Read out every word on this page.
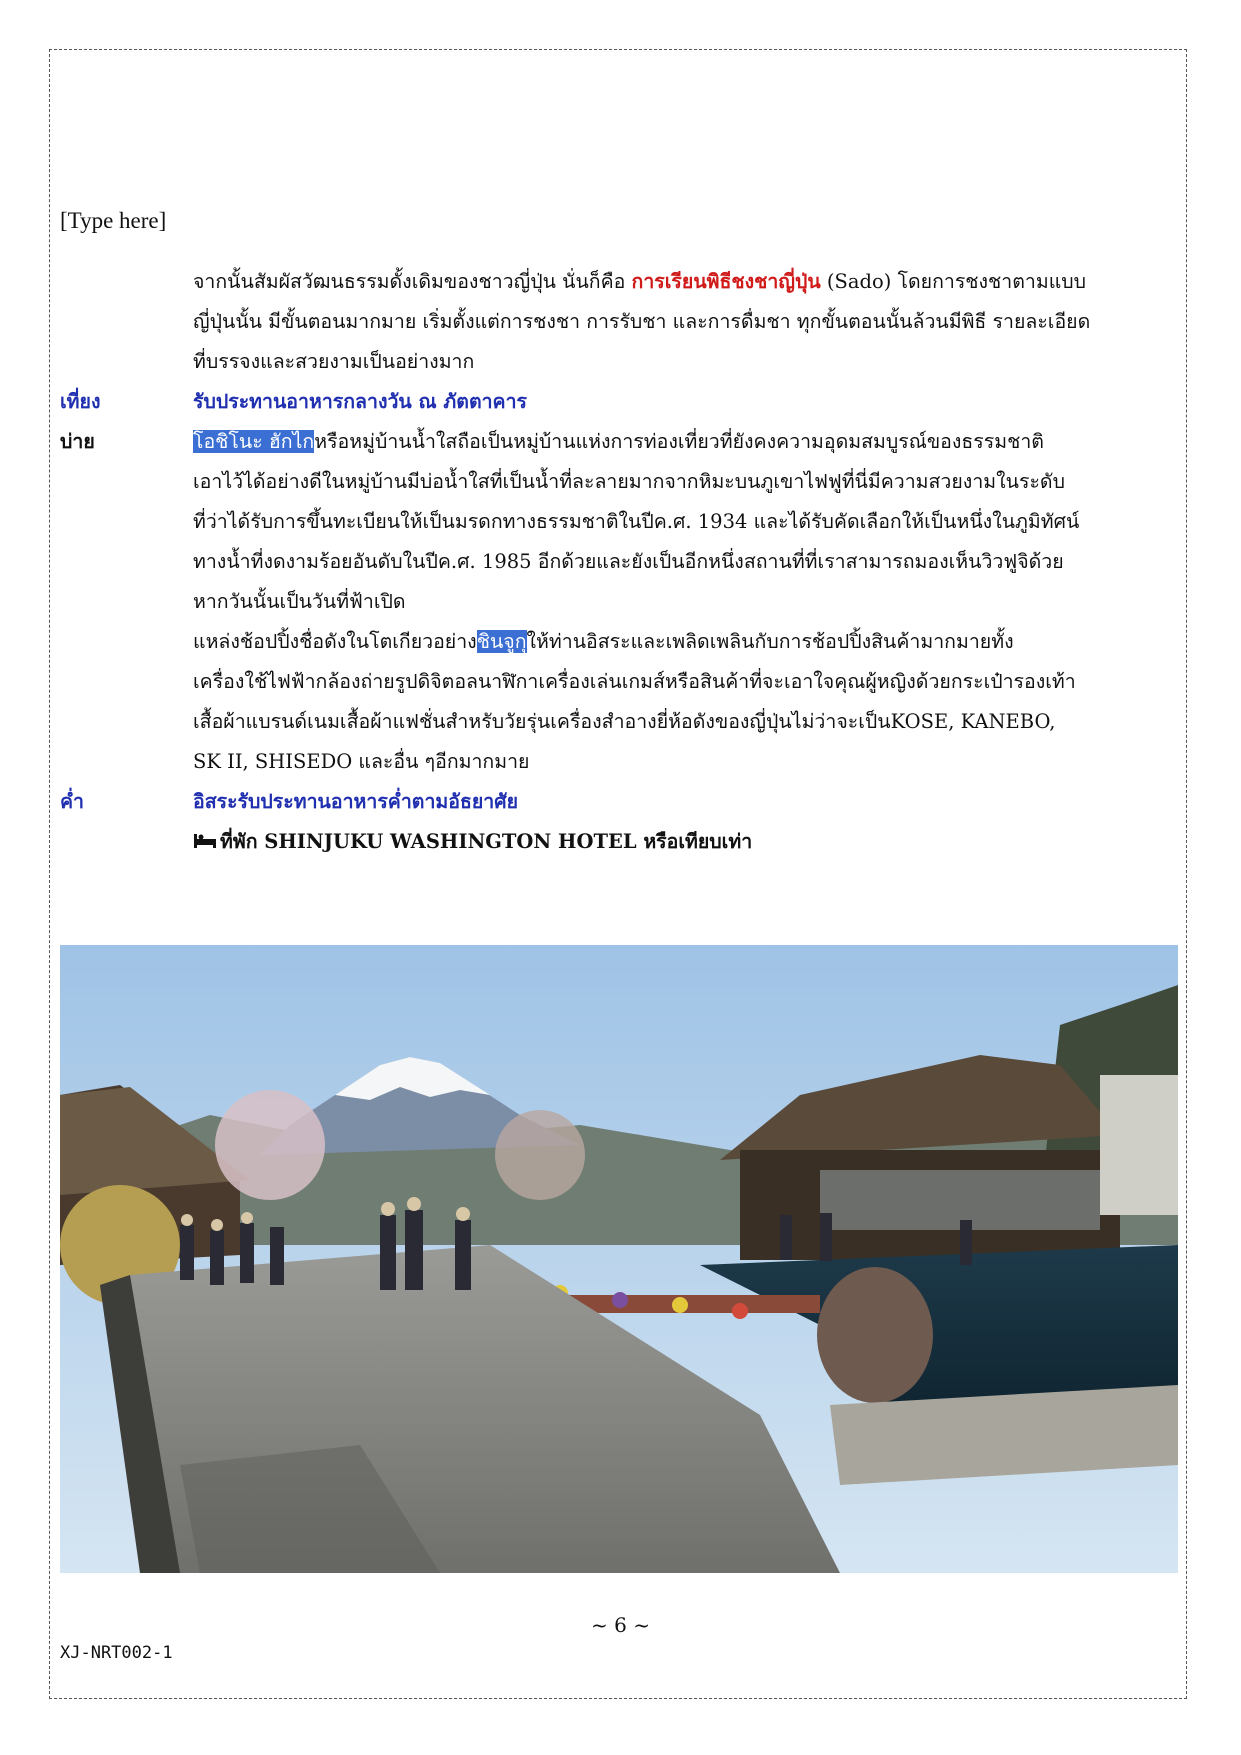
[Type here]
จากนั้นสัมผัสวัฒนธรรมดั้งเดิมของชาวญี่ปุ่น นั่นก็คือ การเรียนพิธีชงชาญี่ปุ่น (Sado) โดยการชงชาตามแบบ
ญี่ปุ่นนั้น มีขั้นตอนมากมาย เริ่มตั้งแต่การชงชา การรับชา และการดื่มชา ทุกขั้นตอนนั้นล้วนมีพิธี รายละเอียด
ที่บรรจงและสวยงามเป็นอย่างมาก
เที่ยง	รับประทานอาหารกลางวัน ณ ภัตตาคาร
บ่าย	โอชิโนะ ฮักไกหรือหมู่บ้านน้ำใสถือเป็นหมู่บ้านแห่งการท่องเที่ยวที่ยังคงความอุดมสมบูรณ์ของธรรมชาติ
เอาไว้ได้อย่างดีในหมู่บ้านมีบ่อน้ำใสที่เป็นน้ำที่ละลายมากจากหิมะบนภูเขาไฟฟูที่นี่มีความสวยงามในระดับ
ที่ว่าได้รับการขึ้นทะเบียนให้เป็นมรดกทางธรรมชาติในปีค.ศ. 1934 และได้รับคัดเลือกให้เป็นหนึ่งในภูมิทัศน์
ทางน้ำที่งดงามร้อยอันดับในปีค.ศ. 1985 อีกด้วยและยังเป็นอีกหนึ่งสถานที่ที่เราสามารถมองเห็นวิวฟูจิด้วย
หากวันนั้นเป็นวันที่ฟ้าเปิด
แหล่งช้อปปิ้งชื่อดังในโตเกียวอย่างชินจูกุให้ท่านอิสระและเพลิดเพลินกับการช้อปปิ้งสินค้ามากมายทั้ง
เครื่องใช้ไฟฟ้ากล้องถ่ายรูปดิจิตอลนาฬิกาเครื่องเล่นเกมส์หรือสินค้าที่จะเอาใจคุณผู้หญิงด้วยกระเป๋ารองเท้า
เสื้อผ้าแบรนด์เนมเสื้อผ้าแฟชั่นสำหรับวัยรุ่นเครื่องสำอางยี่ห้อดังของญี่ปุ่นไม่ว่าจะเป็นKOSE, KANEBO,
SK II, SHISEDO และอื่น ๆอีกมากมาย
ค่ำ	อิสระรับประทานอาหารค่ำตามอัธยาศัย
ที่พัก SHINJUKU WASHINGTON HOTEL หรือเทียบเท่า
~ 6 ~
XJ-NRT002-1
